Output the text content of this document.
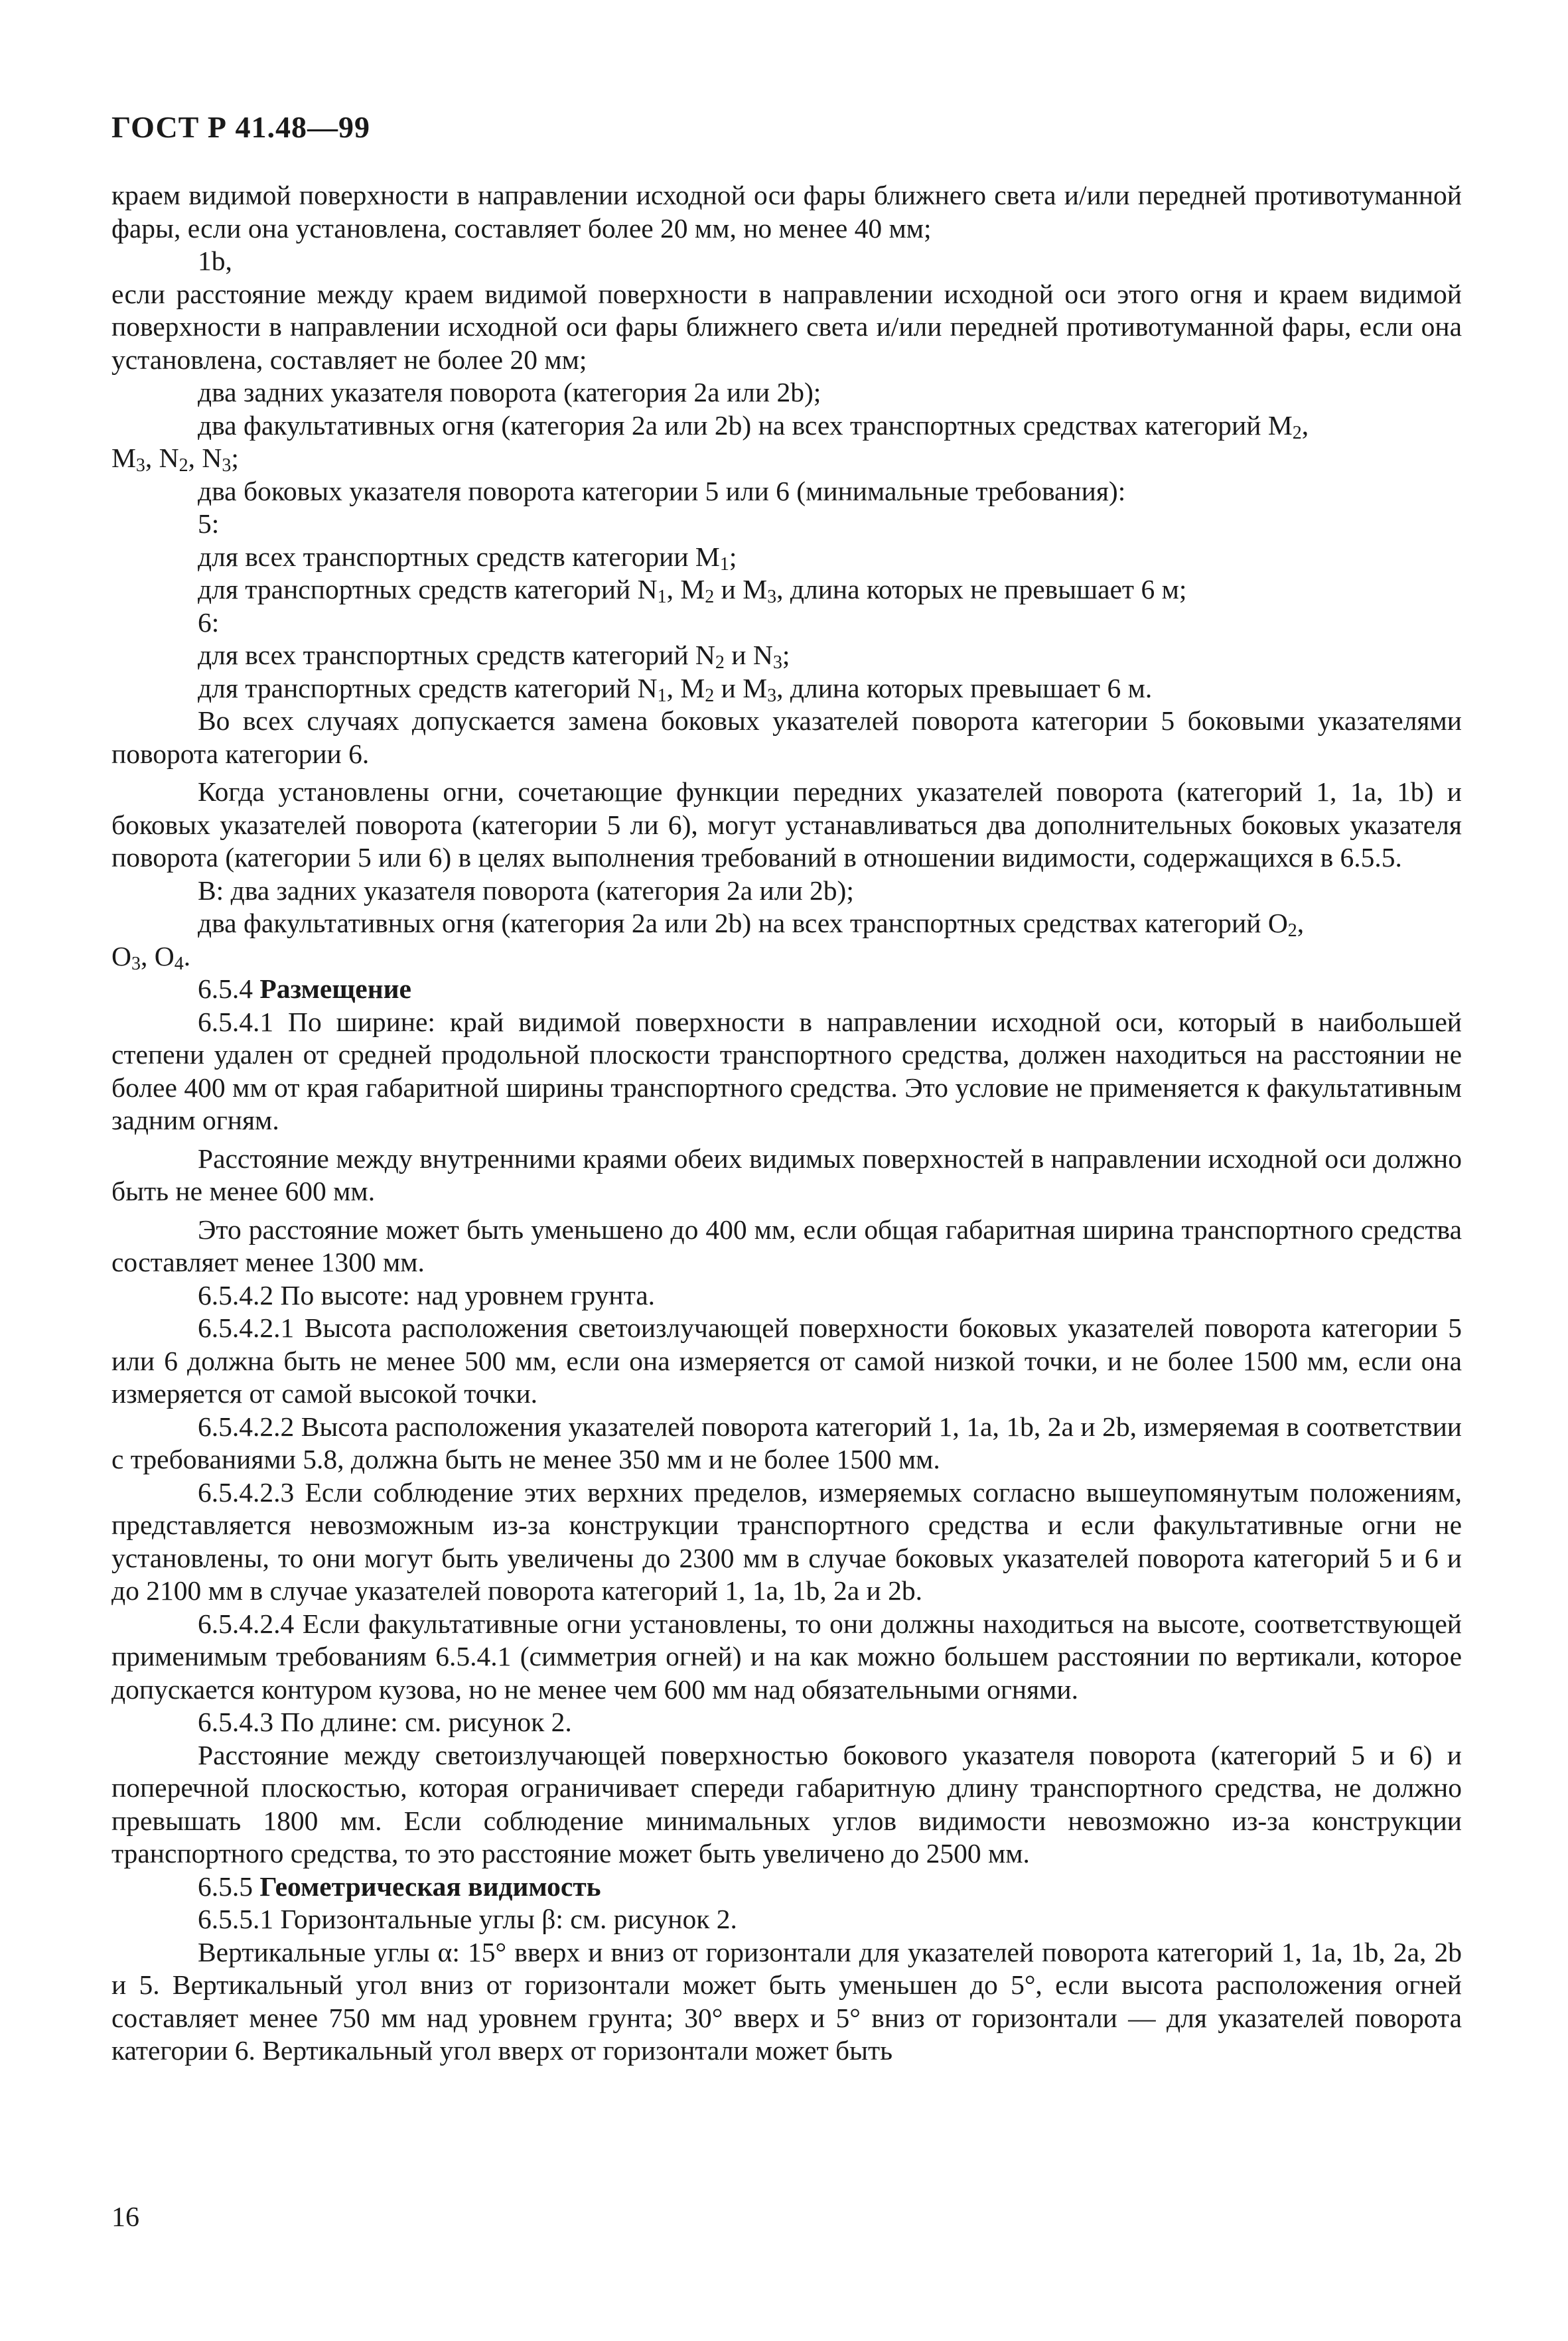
ГОСТ Р 41.48—99

краем видимой поверхности в направлении исходной оси фары ближнего света и/или передней противотуманной фары, если она установлена, составляет более 20 мм, но менее 40 мм;

1b,

если расстояние между краем видимой поверхности в направлении исходной оси этого огня и краем видимой поверхности в направлении исходной оси фары ближнего света и/или передней противотуманной фары, если она установлена, составляет не более 20 мм;

два задних указателя поворота (категория 2а или 2b);

два факультативных огня (категория 2а или 2b) на всех транспортных средствах категорий $M_2$,
$M_3$, $N_2$, $N_3$;

два боковых указателя поворота категории 5 или 6 (минимальные требования):

5:

для всех транспортных средств категории $M_1$;

для транспортных средств категорий $N_1$, $M_2$ и $M_3$, длина которых не превышает 6 м;

6:

для всех транспортных средств категорий $N_2$ и $N_3$;

для транспортных средств категорий $N_1$, $M_2$ и $M_3$, длина которых превышает 6 м.

Во всех случаях допускается замена боковых указателей поворота категории 5 боковыми указателями поворота категории 6.

Когда установлены огни, сочетающие функции передних указателей поворота (категорий 1, 1а, 1b) и боковых указателей поворота (категории 5 ли 6), могут устанавливаться два дополнительных боковых указателя поворота (категории 5 или 6) в целях выполнения требований в отношении видимости, содержащихся в 6.5.5.

В: два задних указателя поворота (категория 2а или 2b);

два факультативных огня (категория 2а или 2b) на всех транспортных средствах категорий $O_2$,
$O_3$, $O_4$.

6.5.4 Размещение

6.5.4.1 По ширине: край видимой поверхности в направлении исходной оси, который в наибольшей степени удален от средней продольной плоскости транспортного средства, должен находиться на расстоянии не более 400 мм от края габаритной ширины транспортного средства. Это условие не применяется к факультативным задним огням.

Расстояние между внутренними краями обеих видимых поверхностей в направлении исходной оси должно быть не менее 600 мм.

Это расстояние может быть уменьшено до 400 мм, если общая габаритная ширина транспортного средства составляет менее 1300 мм.

6.5.4.2 По высоте: над уровнем грунта.

6.5.4.2.1 Высота расположения светоизлучающей поверхности боковых указателей поворота категории 5 или 6 должна быть не менее 500 мм, если она измеряется от самой низкой точки, и не более 1500 мм, если она измеряется от самой высокой точки.

6.5.4.2.2 Высота расположения указателей поворота категорий 1, 1а, 1b, 2а и 2b, измеряемая в соответствии с требованиями 5.8, должна быть не менее 350 мм и не более 1500 мм.

6.5.4.2.3 Если соблюдение этих верхних пределов, измеряемых согласно вышеупомянутым положениям, представляется невозможным из-за конструкции транспортного средства и если факультативные огни не установлены, то они могут быть увеличены до 2300 мм в случае боковых указателей поворота категорий 5 и 6 и до 2100 мм в случае указателей поворота категорий 1, 1а, 1b, 2а и 2b.

6.5.4.2.4 Если факультативные огни установлены, то они должны находиться на высоте, соответствующей применимым требованиям 6.5.4.1 (симметрия огней) и на как можно большем расстоянии по вертикали, которое допускается контуром кузова, но не менее чем 600 мм над обязательными огнями.

6.5.4.3 По длине: см. рисунок 2.

Расстояние между светоизлучающей поверхностью бокового указателя поворота (категорий 5 и 6) и поперечной плоскостью, которая ограничивает спереди габаритную длину транспортного средства, не должно превышать 1800 мм. Если соблюдение минимальных углов видимости невозможно из-за конструкции транспортного средства, то это расстояние может быть увеличено до 2500 мм.

6.5.5 Геометрическая видимость

6.5.5.1 Горизонтальные углы β: см. рисунок 2.

Вертикальные углы α: 15° вверх и вниз от горизонтали для указателей поворота категорий 1, 1а, 1b, 2а, 2b и 5. Вертикальный угол вниз от горизонтали может быть уменьшен до 5°, если высота расположения огней составляет менее 750 мм над уровнем грунта; 30° вверх и 5° вниз от горизонтали — для указателей поворота категории 6. Вертикальный угол вверх от горизонтали может быть

16
